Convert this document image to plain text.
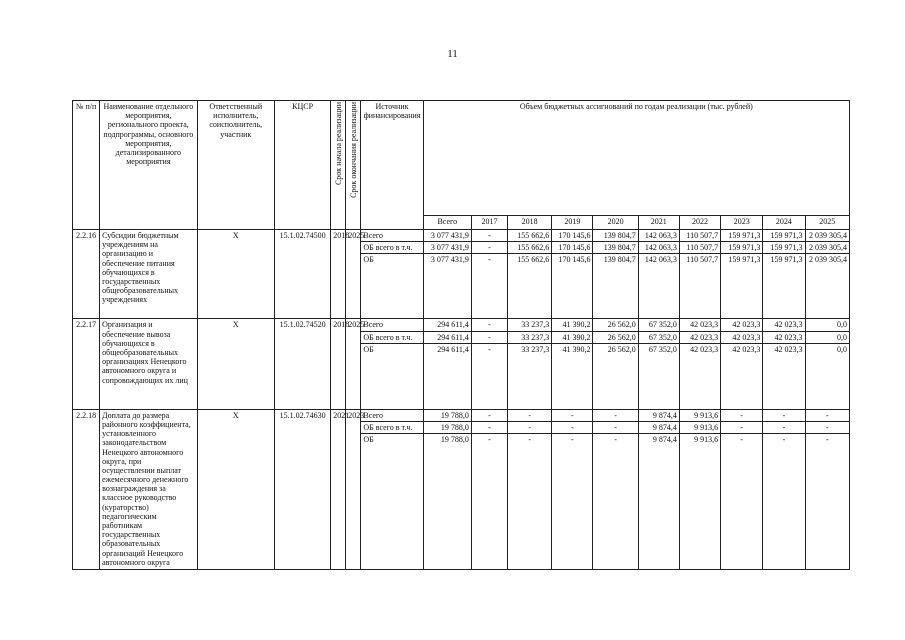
11
№ п/п	Наименование отдельного мероприятия, регионального проекта, подпрограммы, основного мероприятия, детализированного мероприятия	Ответственный исполнитель, соисполнитель, участник	КЦСР	Срок начала реализации	Срок окончания реализации	Источник финансирования	Объем бюджетных ассигнований по годам реализации (тыс. рублей)									
							Всего	2017	2018	2019	2020	2021	2022	2023	2024	2025
2.2.16	Субсидии бюджетным учреждениям на организацию и обеспечение питания обучающихся в государственных общеобразовательных учреждениях	Х	15.1.02.74500	2018	2025	Всего	3 077 431,9	-	155 662,6	170 145,6	139 804,7	142 063,3	110 507,7	159 971,3	159 971,3	2 039 305,4
						ОБ всего в т.ч.	3 077 431,9	-	155 662,6	170 145,6	139 804,7	142 063,3	110 507,7	159 971,3	159 971,3	2 039 305,4
						ОБ	3 077 431,9	-	155 662,6	170 145,6	139 804,7	142 063,3	110 507,7	159 971,3	159 971,3	2 039 305,4
2.2.17	Организация и обеспечение вывоза обучающихся в общеобразовательных организациях Ненецкого автономного округа и сопровождающих их лиц	Х	15.1.02.74520	2018	2025	Всего	294 611,4	-	33 237,3	41 390,2	26 562,0	67 352,0	42 023,3	42 023,3	42 023,3	0,0
						ОБ всего в т.ч.	294 611,4	-	33 237,3	41 390,2	26 562,0	67 352,0	42 023,3	42 023,3	42 023,3	0,0
						ОБ	294 611,4	-	33 237,3	41 390,2	26 562,0	67 352,0	42 023,3	42 023,3	42 023,3	0,0
2.2.18	Доплата до размера районного коэффициента, установленного законодательством Ненецкого автономного округа, при осуществлении выплат ежемесячного денежного вознаграждения за классное руководство (кураторство) педагогическим работникам государственных образовательных организаций Ненецкого автономного округа	Х	15.1.02.74630	2021	2023	Всего	19 788,0	-	-	-	-	9 874,4	9 913,6	-	-	-
						ОБ всего в т.ч.	19 788,0	-	-	-	-	9 874,4	9 913,6	-	-	-
						ОБ	19 788,0	-	-	-	-	9 874,4	9 913,6	-	-	-
